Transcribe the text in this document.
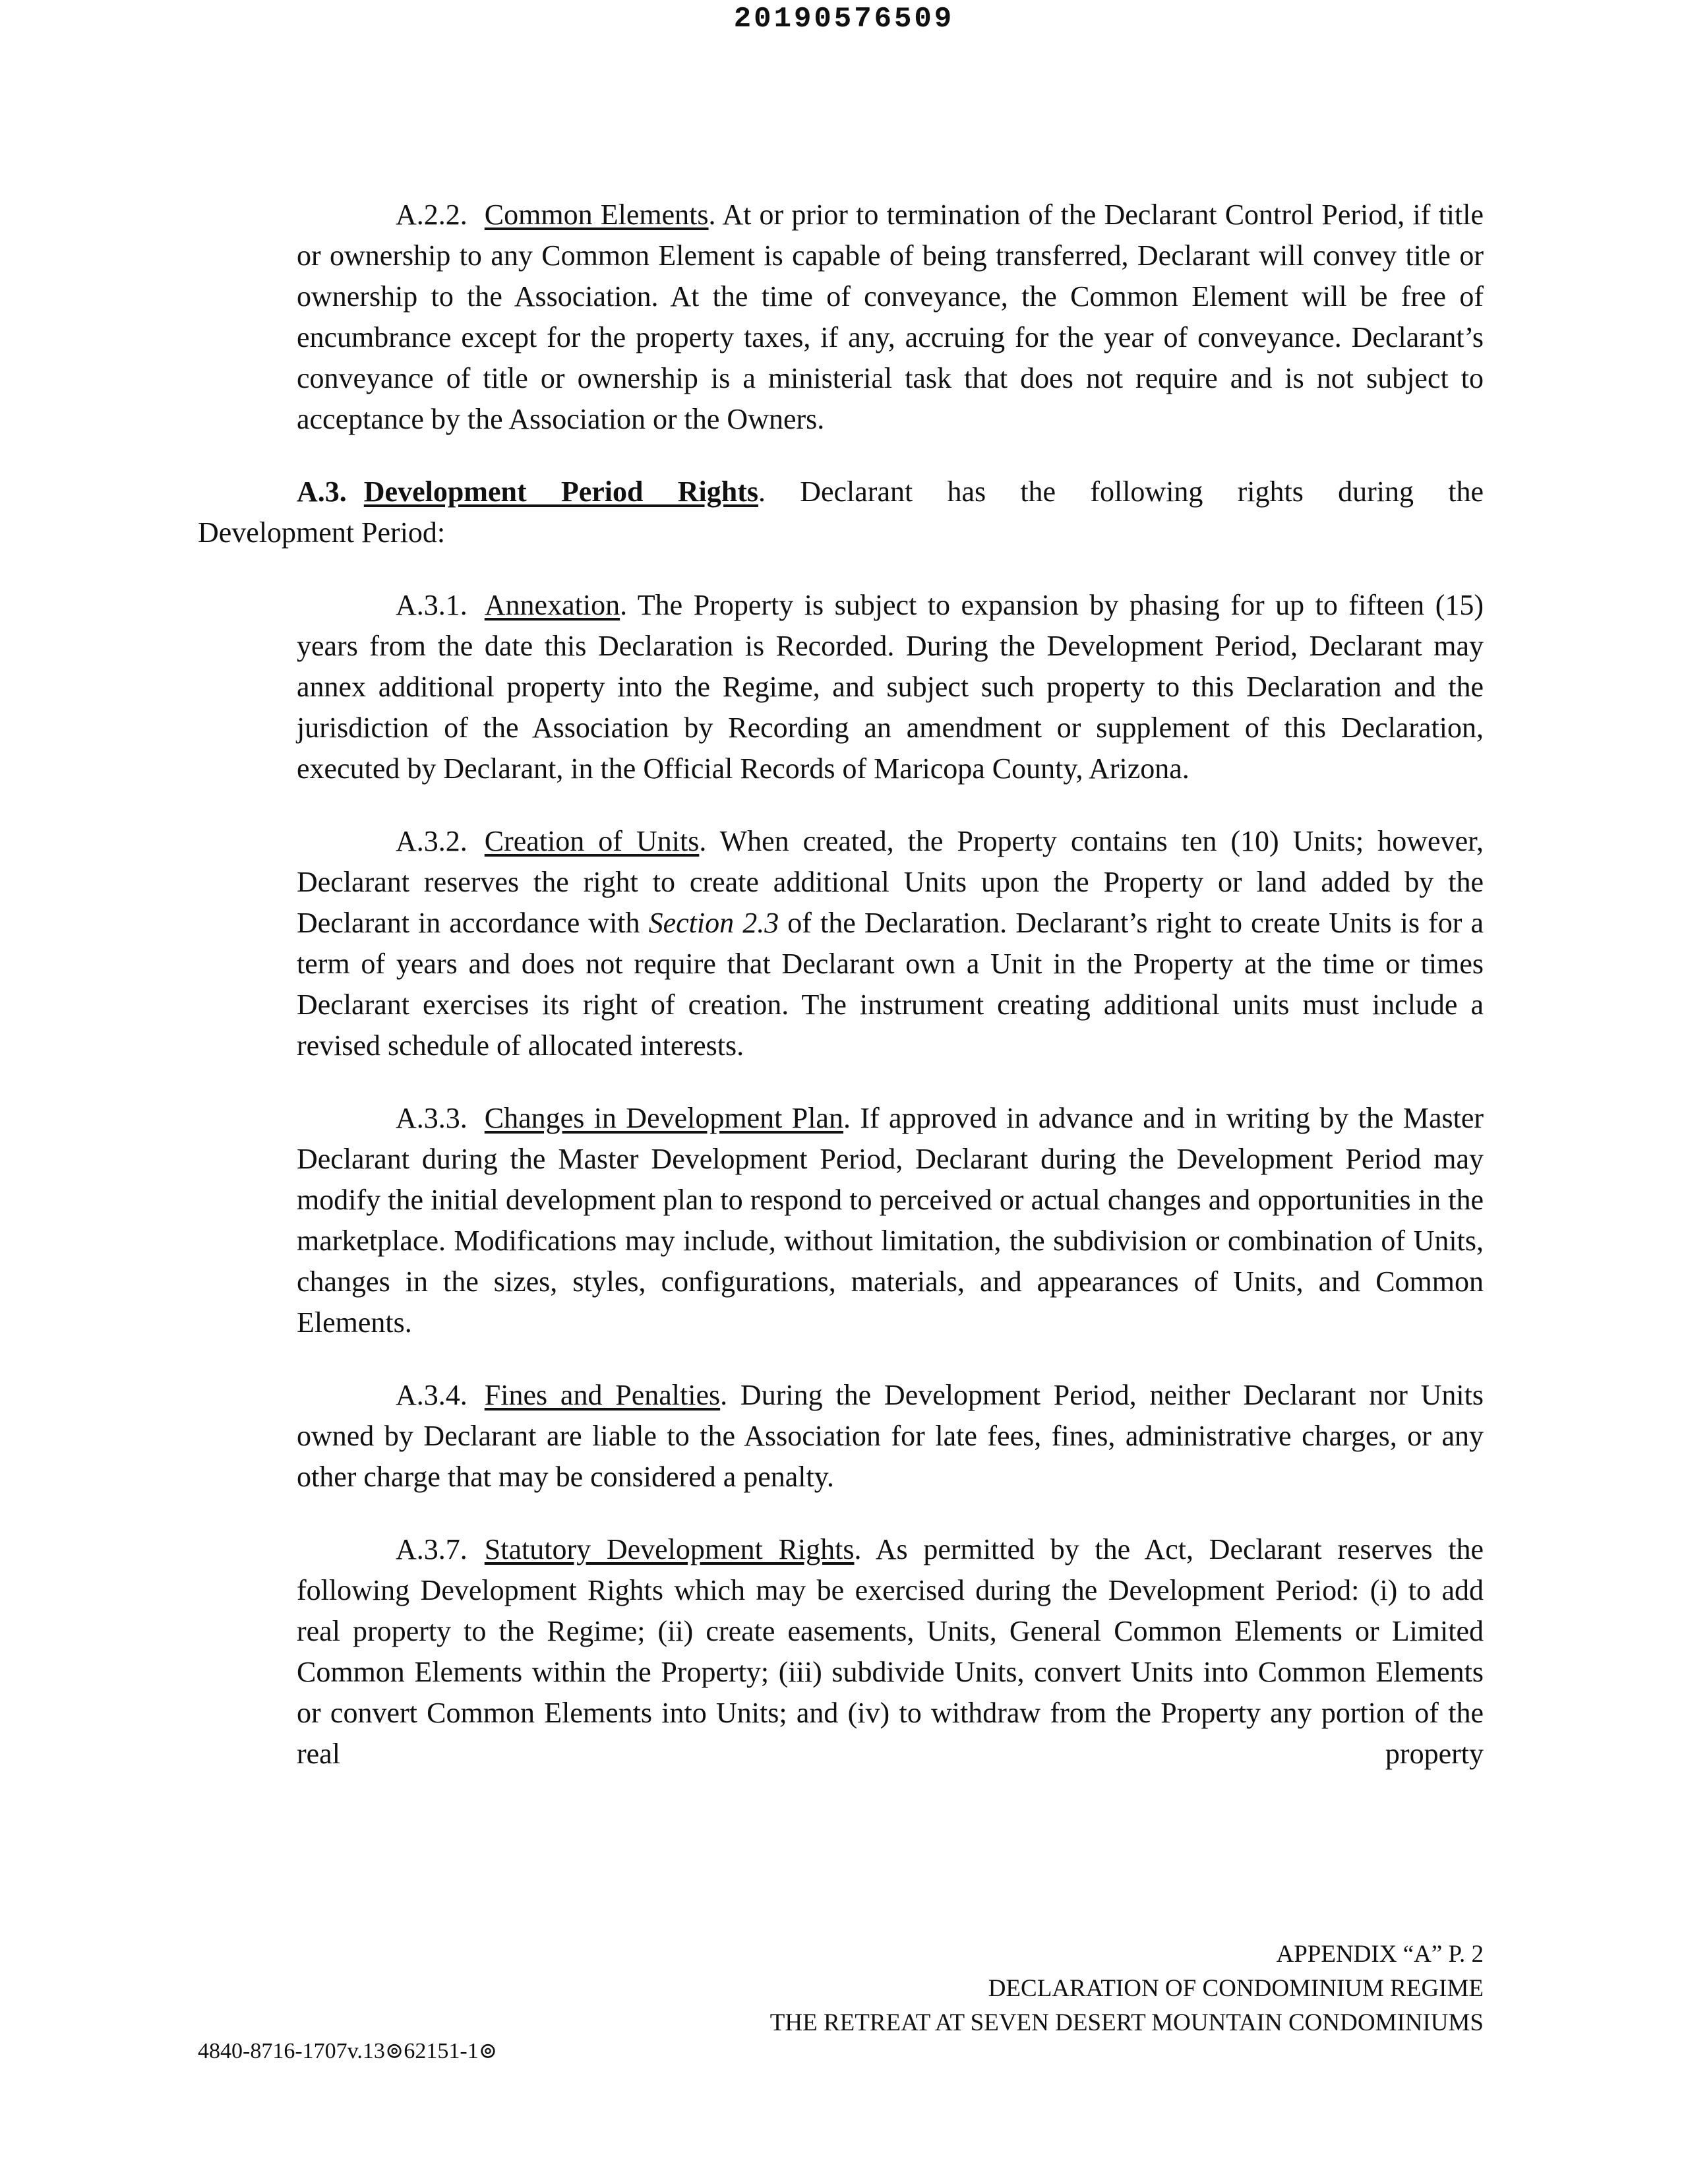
20190576509

A.2.2. Common Elements. At or prior to termination of the Declarant Control Period, if title or ownership to any Common Element is capable of being transferred, Declarant will convey title or ownership to the Association. At the time of conveyance, the Common Element will be free of encumbrance except for the property taxes, if any, accruing for the year of conveyance. Declarant’s conveyance of title or ownership is a ministerial task that does not require and is not subject to acceptance by the Association or the Owners.

A.3. Development Period Rights. Declarant has the following rights during the
Development Period:

A.3.1. Annexation. The Property is subject to expansion by phasing for up to fifteen (15) years from the date this Declaration is Recorded. During the Development Period, Declarant may annex additional property into the Regime, and subject such property to this Declaration and the jurisdiction of the Association by Recording an amendment or supplement of this Declaration, executed by Declarant, in the Official Records of Maricopa County, Arizona.

A.3.2. Creation of Units. When created, the Property contains ten (10) Units; however, Declarant reserves the right to create additional Units upon the Property or land added by the Declarant in accordance with Section 2.3 of the Declaration. Declarant’s right to create Units is for a term of years and does not require that Declarant own a Unit in the Property at the time or times Declarant exercises its right of creation. The instrument creating additional units must include a revised schedule of allocated interests.

A.3.3. Changes in Development Plan. If approved in advance and in writing by the Master Declarant during the Master Development Period, Declarant during the Development Period may modify the initial development plan to respond to perceived or actual changes and opportunities in the marketplace. Modifications may include, without limitation, the subdivision or combination of Units, changes in the sizes, styles, configurations, materials, and appearances of Units, and Common Elements.

A.3.4. Fines and Penalties. During the Development Period, neither Declarant nor Units owned by Declarant are liable to the Association for late fees, fines, administrative charges, or any other charge that may be considered a penalty.

A.3.7. Statutory Development Rights. As permitted by the Act, Declarant reserves the following Development Rights which may be exercised during the Development Period: (i) to add real property to the Regime; (ii) create easements, Units, General Common Elements or Limited Common Elements within the Property; (iii) subdivide Units, convert Units into Common Elements or convert Common Elements into Units; and (iv) to withdraw from the Property any portion of the real property

APPENDIX “A” P. 2
DECLARATION OF CONDOMINIUM REGIME
THE RETREAT AT SEVEN DESERT MOUNTAIN CONDOMINIUMS
4840-8716-1707v.13⊚62151-1⊚
